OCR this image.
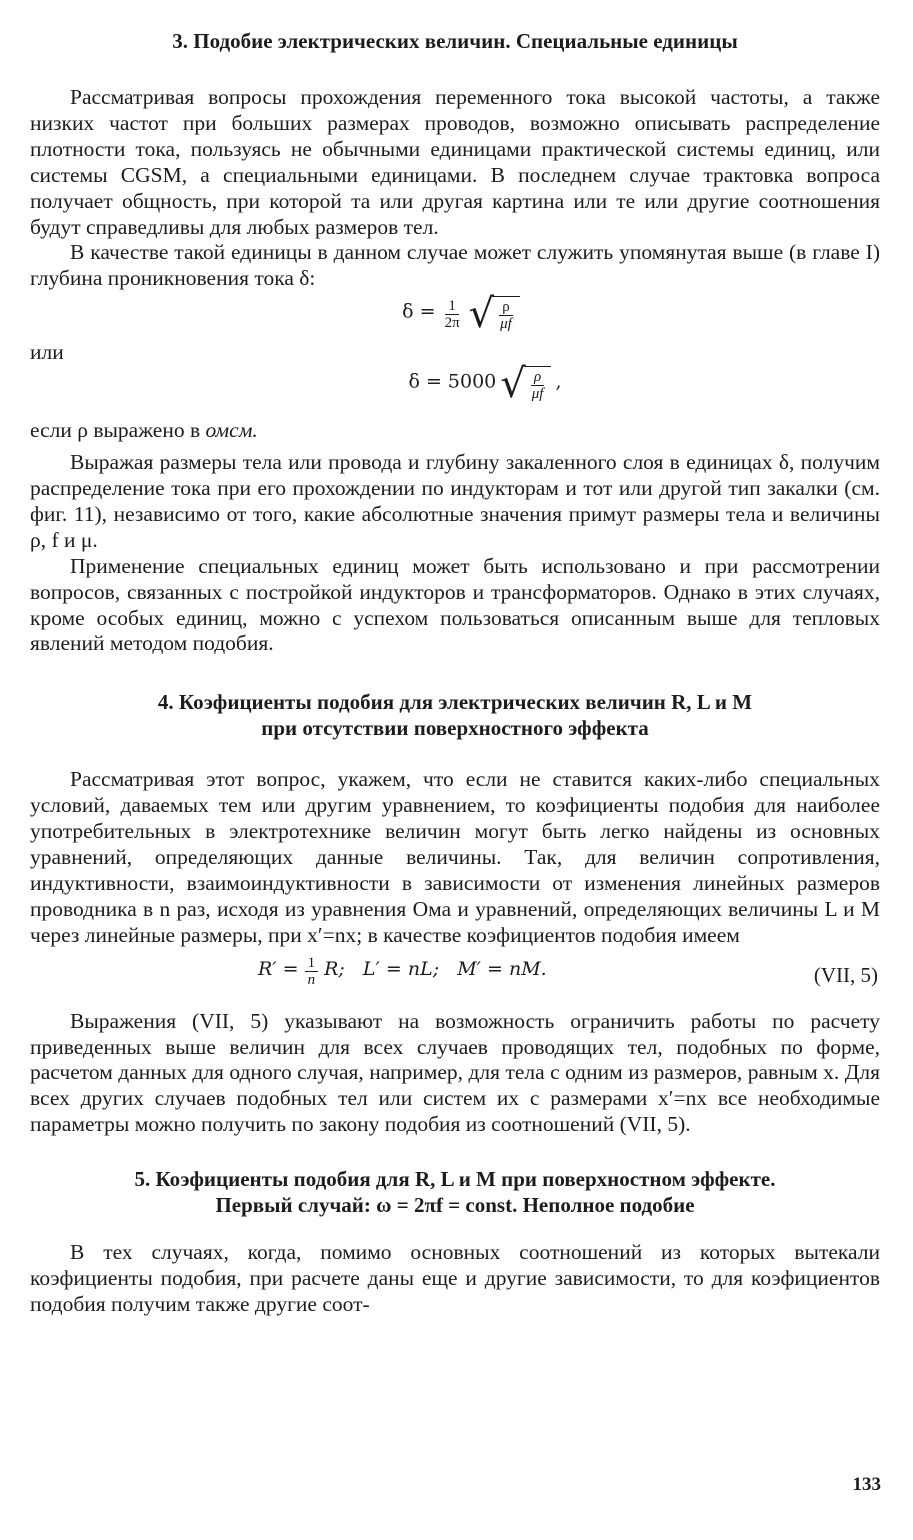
3. Подобие электрических величин. Специальные единицы

Рассматривая вопросы прохождения переменного тока высокой частоты, а также низких частот при больших размерах проводов, возможно описывать распределение плотности тока, пользуясь не обычными единицами практической системы единиц, или системы CGSM, а специальными единицами. В последнем случае трактовка вопроса получает общность, при которой та или другая картина или те или другие соотношения будут справедливы для любых размеров тел.

В качестве такой единицы в данном случае может служить упомянутая выше (в главе I) глубина проникновения тока δ:

$\delta = \frac{1}{2\pi}$
√ $\frac{\rho}{\mu f}$

или

δ = 5000 √ $\frac{\rho}{\mu f}$ ,

если ρ выражено в омсм.

Выражая размеры тела или провода и глубину закаленного слоя в единицах δ, получим распределение тока при его прохождении по индукторам и тот или другой тип закалки (см. фиг. 11), независимо от того, какие абсолютные значения примут размеры тела и величины ρ, f и μ.

Применение специальных единиц может быть использовано и при рассмотрении вопросов, связанных с постройкой индукторов и трансформаторов. Однако в этих случаях, кроме особых единиц, можно с успехом пользоваться описанным выше для тепловых явлений методом подобия.

4. Коэфициенты подобия для электрических величин R, L и M

при отсутствии поверхностного эффекта

Рассматривая этот вопрос, укажем, что если не ставится каких-либо специальных условий, даваемых тем или другим уравнением, то коэфициенты подобия для наиболее употребительных в электротехнике величин могут быть легко найдены из основных уравнений, определяющих данные величины. Так, для величин сопротивления, индуктивности, взаимоиндуктивности в зависимости от изменения линейных размеров проводника в n раз, исходя из уравнения Ома и уравнений, определяющих величины L и M через линейные размеры, при x′=nx; в качестве коэфициентов подобия имеем

$R' = \frac{1}{n} R$;   L′ = nL;   M′ = nM.	(VII, 5)

Выражения (VII, 5) указывают на возможность ограничить работы по расчету приведенных выше величин для всех случаев проводящих тел, подобных по форме, расчетом данных для одного случая, например, для тела с одним из размеров, равным x. Для всех других случаев подобных тел или систем их с размерами x′=nx все необходимые параметры можно получить по закону подобия из соотношений (VII, 5).

5. Коэфициенты подобия для R, L и M при поверхностном эффекте.

Первый случай: ω = 2πf = const. Неполное подобие

В тех случаях, когда, помимо основных соотношений из которых вытекали коэфициенты подобия, при расчете даны еще и другие зависимости, то для коэфициентов подобия получим также другие соот-

133
